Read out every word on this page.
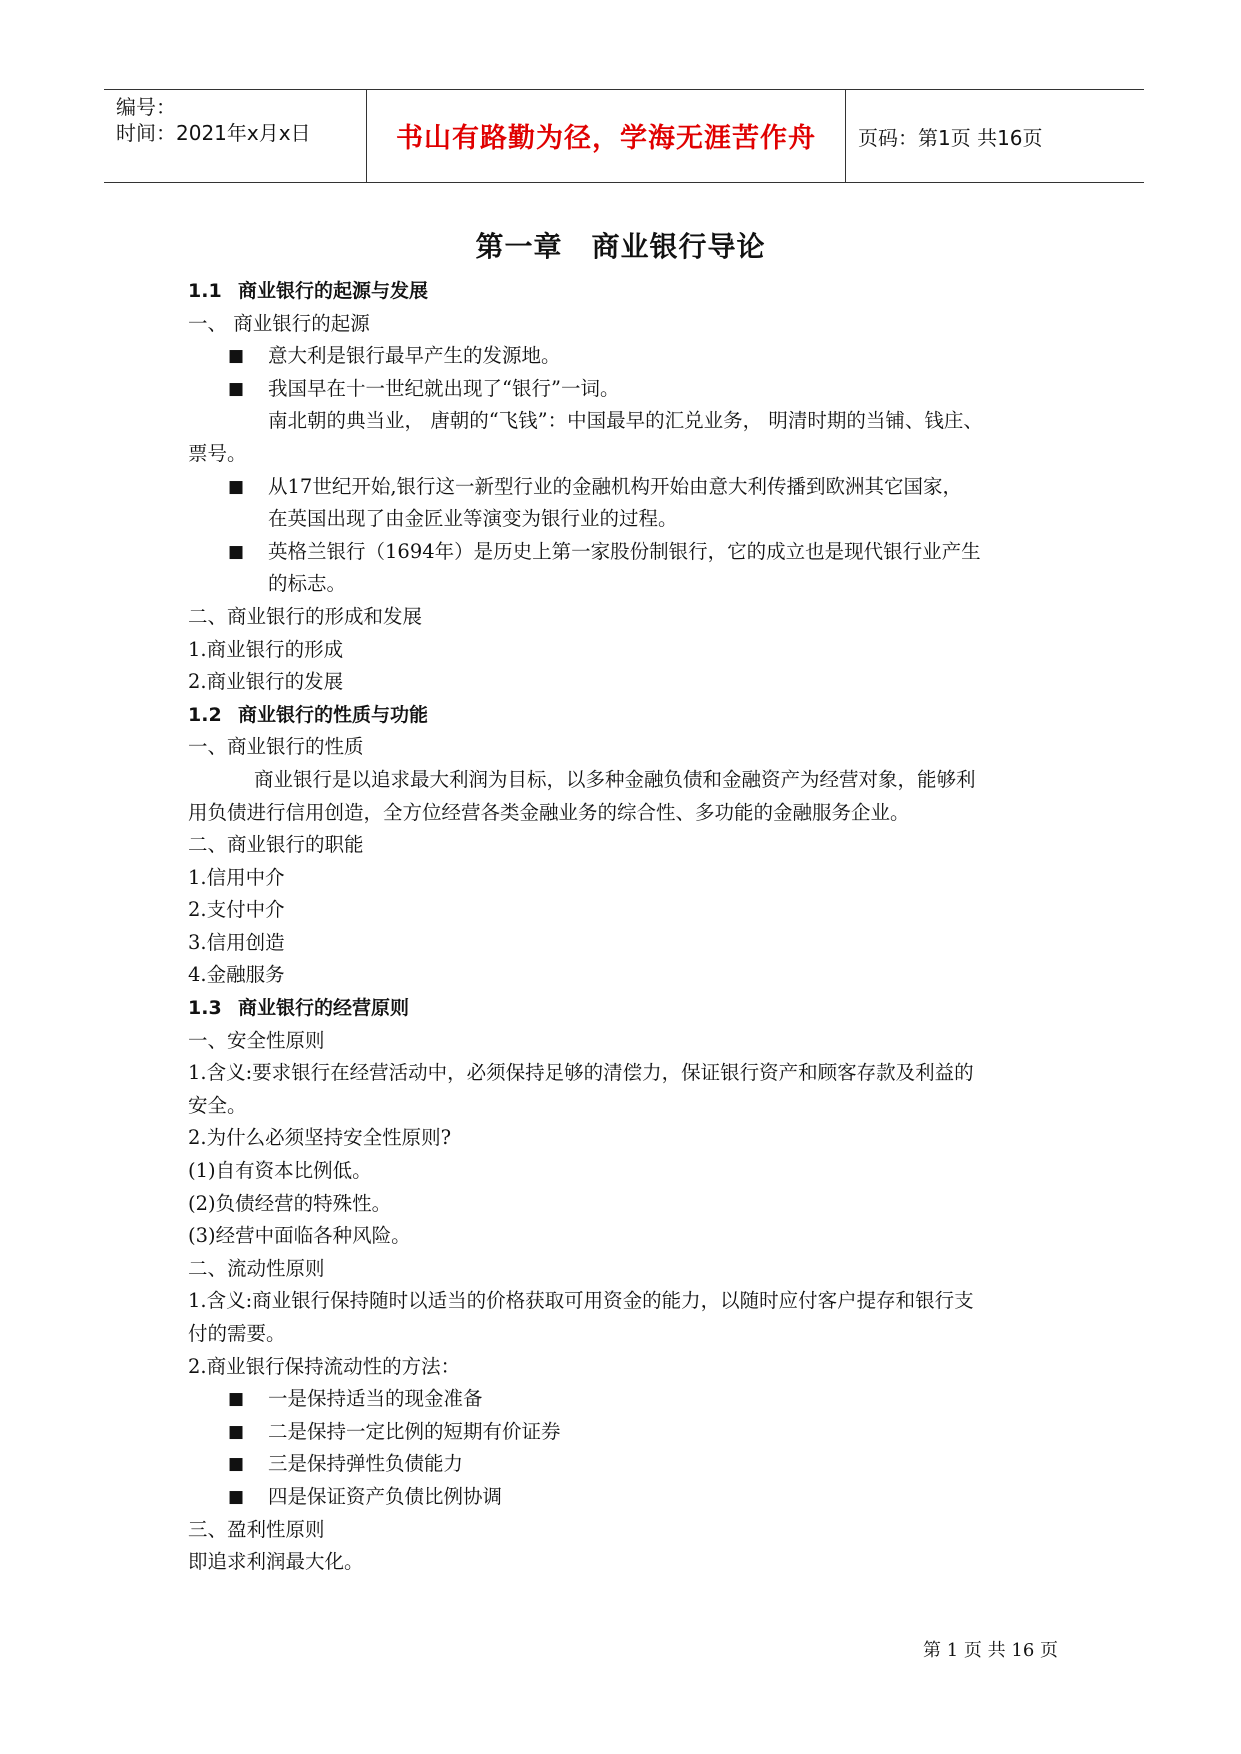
编号：
时间：2021年x月x日	书山有路勤为径，学海无涯苦作舟	页码：第1页 共16页
第一章　商业银行导论
1.1 商业银行的起源与发展
一、 商业银行的起源
■	意大利是银行最早产生的发源地。
■	我国早在十一世纪就出现了“银行”一词。
南北朝的典当业， 唐朝的“飞钱”：中国最早的汇兑业务， 明清时期的当铺、钱庄、
票号。
■	从17世纪开始,银行这一新型行业的金融机构开始由意大利传播到欧洲其它国家，
在英国出现了由金匠业等演变为银行业的过程。
■	英格兰银行（1694年）是历史上第一家股份制银行，它的成立也是现代银行业产生
的标志。
二、商业银行的形成和发展
1.商业银行的形成
2.商业银行的发展
1.2 商业银行的性质与功能
一、商业银行的性质
商业银行是以追求最大利润为目标，以多种金融负债和金融资产为经营对象，能够利
用负债进行信用创造，全方位经营各类金融业务的综合性、多功能的金融服务企业。
二、商业银行的职能
1.信用中介
2.支付中介
3.信用创造
4.金融服务
1.3 商业银行的经营原则
一、安全性原则
1.含义:要求银行在经营活动中，必须保持足够的清偿力，保证银行资产和顾客存款及利益的
安全。
2.为什么必须坚持安全性原则?
(1)自有资本比例低。
(2)负债经营的特殊性。
(3)经营中面临各种风险。
二、流动性原则
1.含义:商业银行保持随时以适当的价格获取可用资金的能力，以随时应付客户提存和银行支
付的需要。
2.商业银行保持流动性的方法：
■	一是保持适当的现金准备
■	二是保持一定比例的短期有价证券
■	三是保持弹性负债能力
■	四是保证资产负债比例协调
三、盈利性原则
即追求利润最大化。
第 1 页 共 16 页
